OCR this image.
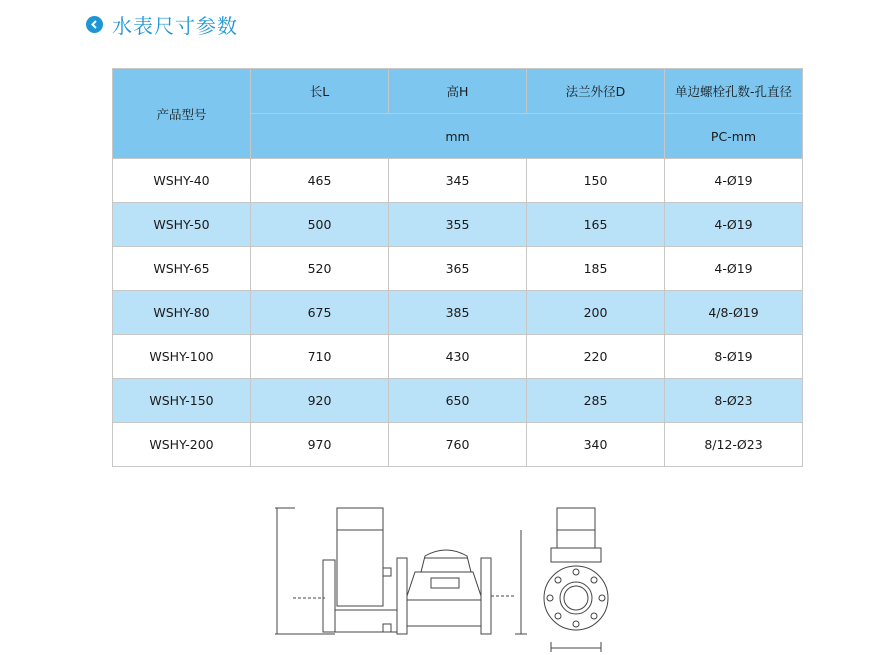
水表尺寸参数
产品型号	长L	高H	法兰外径D	单边螺栓孔数-孔直径
	mm			PC-mm
WSHY-40	465	345	150	4-Ø19
WSHY-50	500	355	165	4-Ø19
WSHY-65	520	365	185	4-Ø19
WSHY-80	675	385	200	4/8-Ø19
WSHY-100	710	430	220	8-Ø19
WSHY-150	920	650	285	8-Ø23
WSHY-200	970	760	340	8/12-Ø23
